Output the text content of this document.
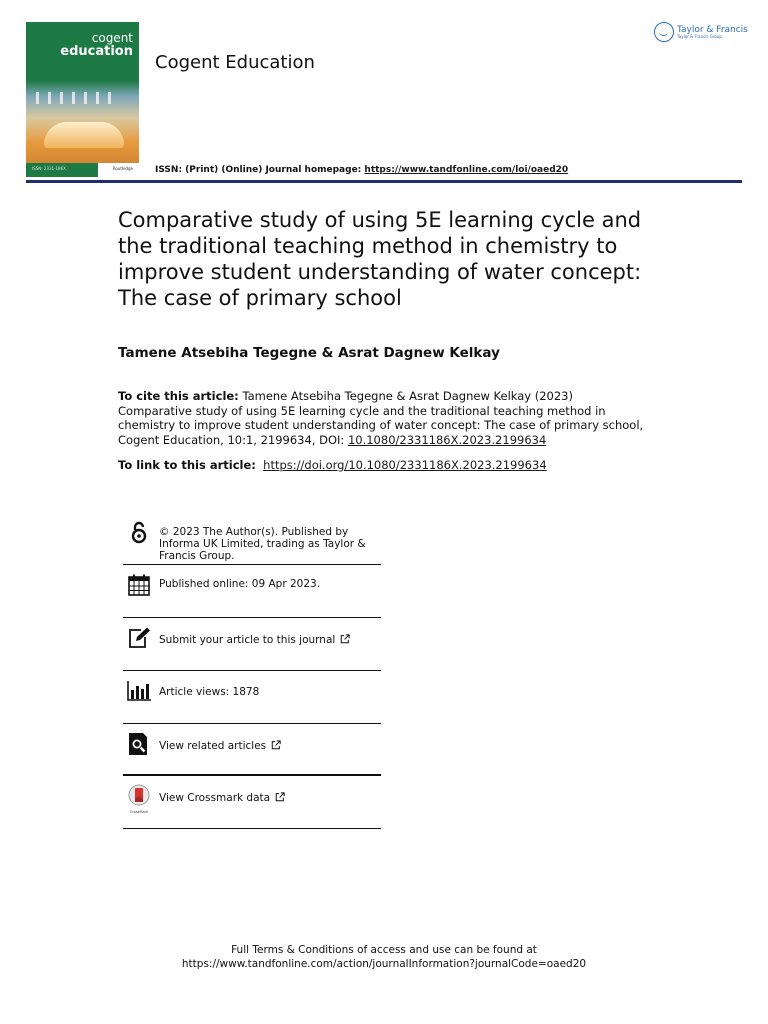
cogent
education
ISSN: 2331-186X	Routledge
Cogent Education
ISSN: (Print) (Online) Journal homepage: https://www.tandfonline.com/loi/oaed20
Taylor & Francis
Taylor & Francis Group
Comparative study of using 5E learning cycle and the traditional teaching method in chemistry to improve student understanding of water concept: The case of primary school
Tamene Atsebiha Tegegne & Asrat Dagnew Kelkay
To cite this article: Tamene Atsebiha Tegegne & Asrat Dagnew Kelkay (2023) Comparative study of using 5E learning cycle and the traditional teaching method in chemistry to improve student understanding of water concept: The case of primary school, Cogent Education, 10:1, 2199634, DOI: 10.1080/2331186X.2023.2199634
To link to this article: https://doi.org/10.1080/2331186X.2023.2199634
© 2023 The Author(s). Published by Informa UK Limited, trading as Taylor & Francis Group.
Published online: 09 Apr 2023.
Submit your article to this journal
Article views: 1878
View related articles
CrossMark
View Crossmark data
Full Terms & Conditions of access and use can be found at
https://www.tandfonline.com/action/journalInformation?journalCode=oaed20
